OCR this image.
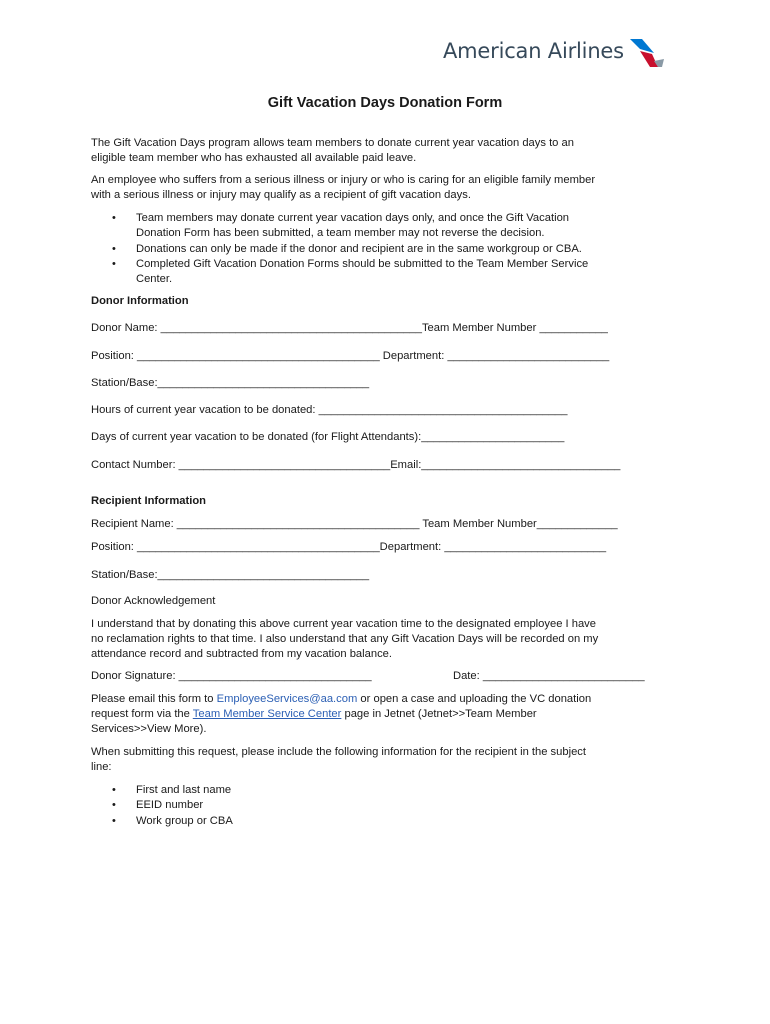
American Airlines
Gift Vacation Days Donation Form
The Gift Vacation Days program allows team members to donate current year vacation days to an
eligible team member who has exhausted all available paid leave.
An employee who suffers from a serious illness or injury or who is caring for an eligible family member
with a serious illness or injury may qualify as a recipient of gift vacation days.
• Team members may donate current year vacation days only, and once the Gift Vacation
Donation Form has been submitted, a team member may not reverse the decision.
• Donations can only be made if the donor and recipient are in the same workgroup or CBA.
• Completed Gift Vacation Donation Forms should be submitted to the Team Member Service
Center.
Donor Information
Donor Name: __________________________________________Team Member Number ___________
Position: _______________________________________ Department: __________________________
Station/Base:__________________________________
Hours of current year vacation to be donated: ________________________________________
Days of current year vacation to be donated (for Flight Attendants):_______________________
Contact Number: __________________________________Email:________________________________
Recipient Information
Recipient Name: _______________________________________ Team Member Number_____________
Position: _______________________________________Department: __________________________
Station/Base:__________________________________
Donor Acknowledgement
I understand that by donating this above current year vacation time to the designated employee I have
no reclamation rights to that time. I also understand that any Gift Vacation Days will be recorded on my
attendance record and subtracted from my vacation balance.
Donor Signature: _______________________________	Date: __________________________
Please email this form to EmployeeServices@aa.com or open a case and uploading the VC donation
request form via the Team Member Service Center page in Jetnet (Jetnet>>Team Member
Services>>View More).
When submitting this request, please include the following information for the recipient in the subject
line:
• First and last name
• EEID number
• Work group or CBA
